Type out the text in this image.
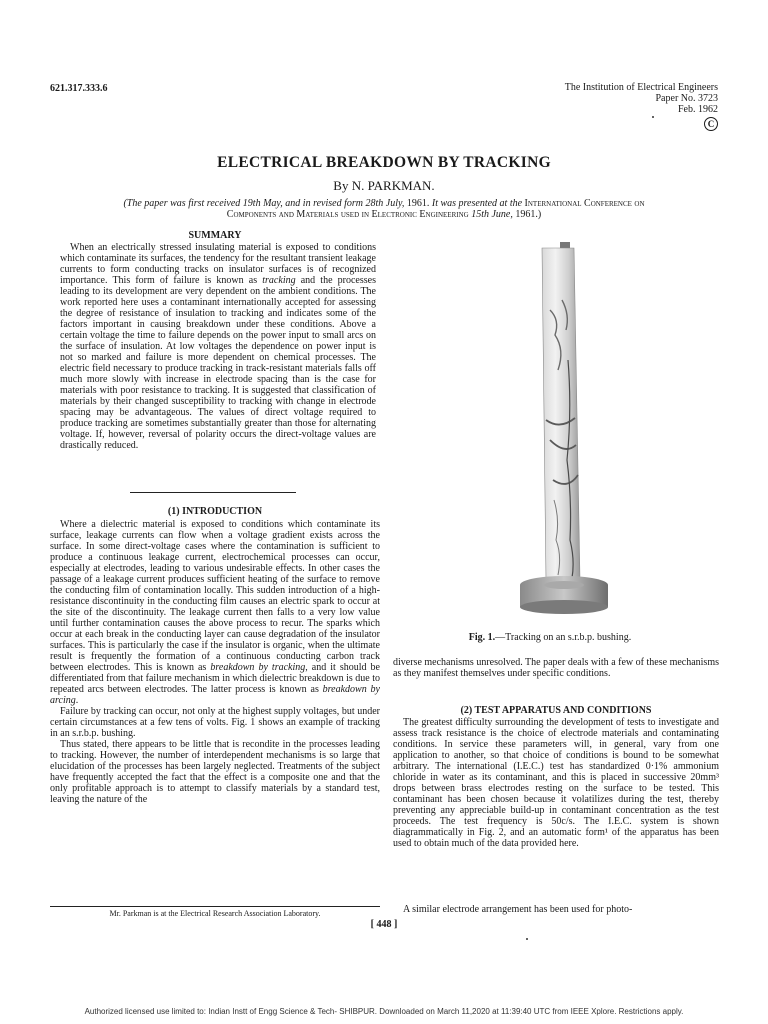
621.317.333.6	The Institution of Electrical Engineers
Paper No. 3723
Feb. 1962
C
ELECTRICAL BREAKDOWN BY TRACKING
By N. PARKMAN.
(The paper was first received 19th May, and in revised form 28th July, 1961. It was presented at the International Conference on
Components and Materials used in Electronic Engineering 15th June, 1961.)
SUMMARY

When an electrically stressed insulating material is exposed to conditions which contaminate its surfaces, the tendency for the resultant transient leakage currents to form conducting tracks on insulator surfaces is of recognized importance. This form of failure is known as tracking and the processes leading to its development are very dependent on the ambient conditions. The work reported here uses a contaminant internationally accepted for assessing the degree of resistance of insulation to tracking and indicates some of the factors important in causing breakdown under these conditions. Above a certain voltage the time to failure depends on the power input to small arcs on the surface of insulation. At low voltages the dependence on power input is not so marked and failure is more dependent on chemical processes. The electric field necessary to produce tracking in track-resistant materials falls off much more slowly with increase in electrode spacing than is the case for materials with poor resistance to tracking. It is suggested that classification of materials by their changed susceptibility to tracking with change in electrode spacing may be advantageous. The values of direct voltage required to produce tracking are sometimes substantially greater than those for alternating voltage. If, however, reversal of polarity occurs the direct-voltage values are drastically reduced.

(1) INTRODUCTION

Where a dielectric material is exposed to conditions which contaminate its surface, leakage currents can flow when a voltage gradient exists across the surface. In some direct-voltage cases where the contamination is sufficient to produce a continuous leakage current, electrochemical processes can occur, especially at electrodes, leading to various undesirable effects. In other cases the passage of a leakage current produces sufficient heating of the surface to remove the conducting film of contamination locally. This sudden introduction of a high-resistance discontinuity in the conducting film causes an electric spark to occur at the site of the discontinuity. The leakage current then falls to a very low value until further contamination causes the above process to recur. The sparks which occur at each break in the conducting layer can cause degradation of the insulator surfaces. This is particularly the case if the insulator is organic, when the ultimate result is frequently the formation of a continuous conducting carbon track between electrodes. This is known as breakdown by tracking, and it should be differentiated from that failure mechanism in which dielectric breakdown is due to repeated arcs between electrodes. The latter process is known as breakdown by arcing.

Failure by tracking can occur, not only at the highest supply voltages, but under certain circumstances at a few tens of volts. Fig. 1 shows an example of tracking in an s.r.b.p. bushing.

Thus stated, there appears to be little that is recondite in the processes leading to tracking. However, the number of interdependent mechanisms is so large that elucidation of the processes has been largely neglected. Treatments of the subject have frequently accepted the fact that the effect is a composite one and that the only profitable approach is to attempt to classify materials by a standard test, leaving the nature of the

Fig. 1.—Tracking on an s.r.b.p. bushing.

diverse mechanisms unresolved. The paper deals with a few of these mechanisms as they manifest themselves under specific conditions.

(2) TEST APPARATUS AND CONDITIONS

The greatest difficulty surrounding the development of tests to investigate and assess track resistance is the choice of electrode materials and contaminating conditions. In service these parameters will, in general, vary from one application to another, so that choice of conditions is bound to be somewhat arbitrary. The international (I.E.C.) test has standardized 0·1% ammonium chloride in water as its contaminant, and this is placed in successive 20mm³ drops between brass electrodes resting on the surface to be tested. This contaminant has been chosen because it volatilizes during the test, thereby preventing any appreciable build-up in contaminant concentration as the test proceeds. The test frequency is 50c/s. The I.E.C. system is shown diagrammatically in Fig. 2, and an automatic form¹ of the apparatus has been used to obtain much of the data provided here.

A similar electrode arrangement has been used for photo-

Mr. Parkman is at the Electrical Research Association Laboratory.
[ 448 ]
Authorized licensed use limited to: Indian Instt of Engg Science & Tech- SHIBPUR. Downloaded on March 11,2020 at 11:39:40 UTC from IEEE Xplore. Restrictions apply.
